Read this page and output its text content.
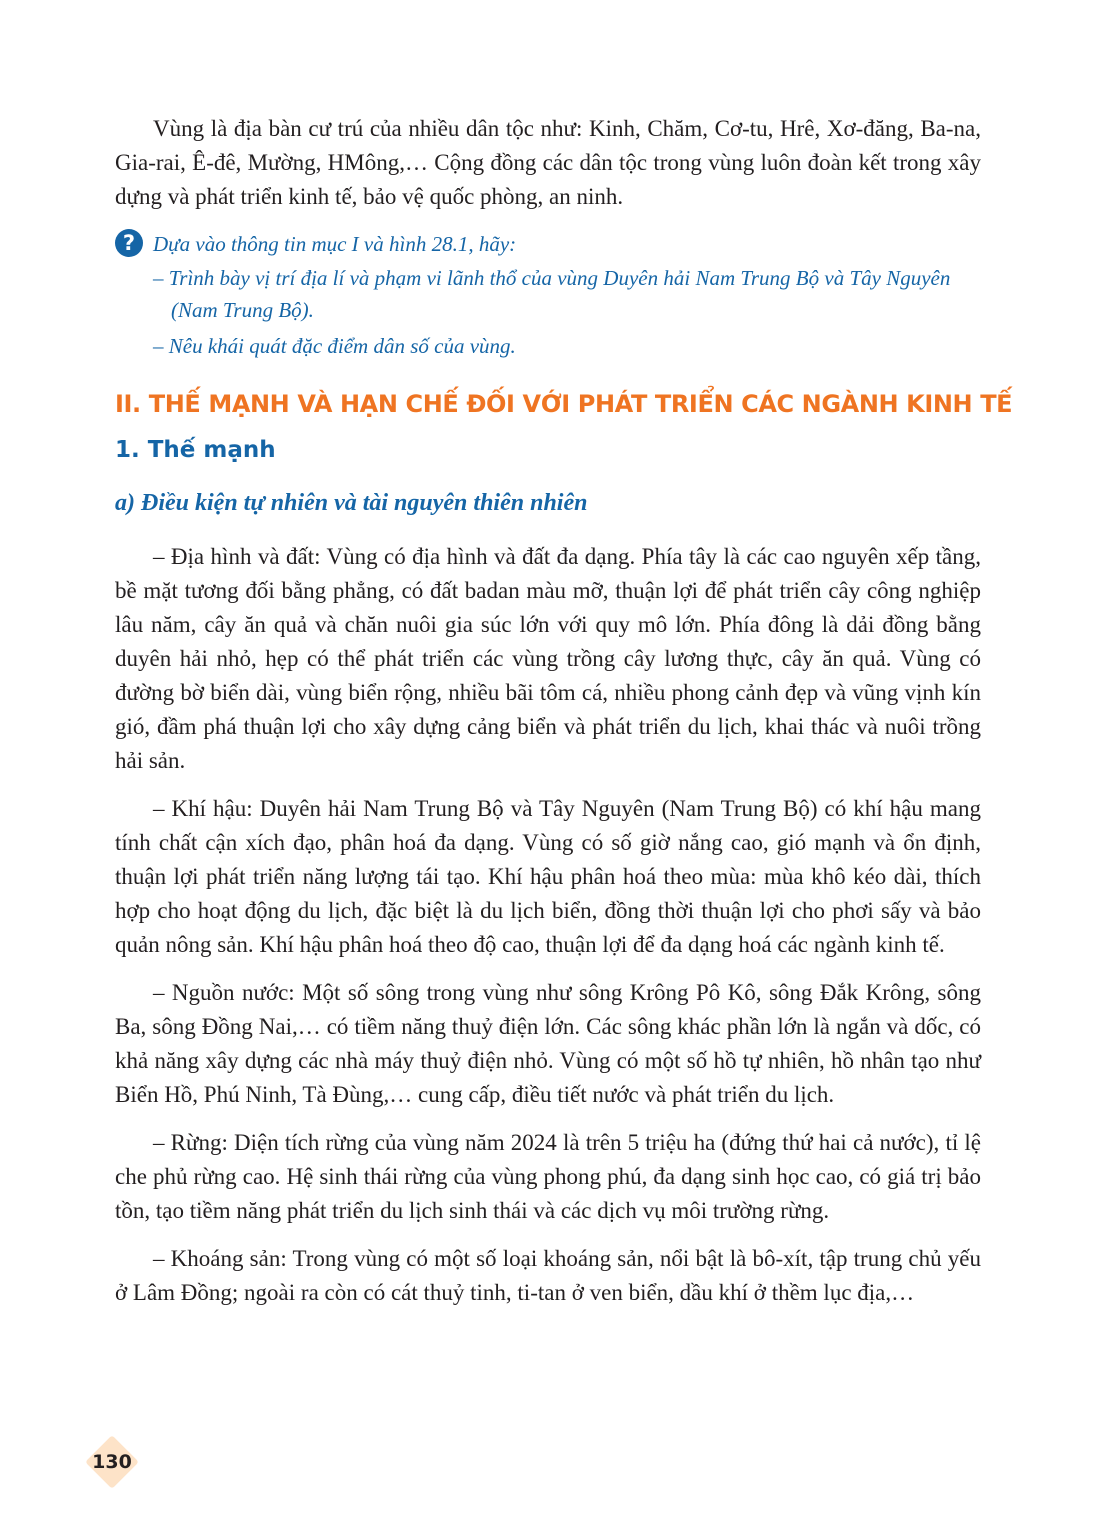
Vùng là địa bàn cư trú của nhiều dân tộc như: Kinh, Chăm, Cơ-tu, Hrê, Xơ-đăng, Ba-na, Gia-rai, Ê-đê, Mường, HMông,… Cộng đồng các dân tộc trong vùng luôn đoàn kết trong xây dựng và phát triển kinh tế, bảo vệ quốc phòng, an ninh.

? Dựa vào thông tin mục I và hình 28.1, hãy:

– Trình bày vị trí địa lí và phạm vi lãnh thổ của vùng Duyên hải Nam Trung Bộ và Tây Nguyên (Nam Trung Bộ).

– Nêu khái quát đặc điểm dân số của vùng.

II. THẾ MẠNH VÀ HẠN CHẾ ĐỐI VỚI PHÁT TRIỂN CÁC NGÀNH KINH TẾ
1. Thế mạnh
a) Điều kiện tự nhiên và tài nguyên thiên nhiên

– Địa hình và đất: Vùng có địa hình và đất đa dạng. Phía tây là các cao nguyên xếp tầng, bề mặt tương đối bằng phẳng, có đất badan màu mỡ, thuận lợi để phát triển cây công nghiệp lâu năm, cây ăn quả và chăn nuôi gia súc lớn với quy mô lớn. Phía đông là dải đồng bằng duyên hải nhỏ, hẹp có thể phát triển các vùng trồng cây lương thực, cây ăn quả. Vùng có đường bờ biển dài, vùng biển rộng, nhiều bãi tôm cá, nhiều phong cảnh đẹp và vũng vịnh kín gió, đầm phá thuận lợi cho xây dựng cảng biển và phát triển du lịch, khai thác và nuôi trồng hải sản.

– Khí hậu: Duyên hải Nam Trung Bộ và Tây Nguyên (Nam Trung Bộ) có khí hậu mang tính chất cận xích đạo, phân hoá đa dạng. Vùng có số giờ nắng cao, gió mạnh và ổn định, thuận lợi phát triển năng lượng tái tạo. Khí hậu phân hoá theo mùa: mùa khô kéo dài, thích hợp cho hoạt động du lịch, đặc biệt là du lịch biển, đồng thời thuận lợi cho phơi sấy và bảo quản nông sản. Khí hậu phân hoá theo độ cao, thuận lợi để đa dạng hoá các ngành kinh tế.

– Nguồn nước: Một số sông trong vùng như sông Krông Pô Kô, sông Đắk Krông, sông Ba, sông Đồng Nai,… có tiềm năng thuỷ điện lớn. Các sông khác phần lớn là ngắn và dốc, có khả năng xây dựng các nhà máy thuỷ điện nhỏ. Vùng có một số hồ tự nhiên, hồ nhân tạo như Biển Hồ, Phú Ninh, Tà Đùng,… cung cấp, điều tiết nước và phát triển du lịch.

– Rừng: Diện tích rừng của vùng năm 2024 là trên 5 triệu ha (đứng thứ hai cả nước), tỉ lệ che phủ rừng cao. Hệ sinh thái rừng của vùng phong phú, đa dạng sinh học cao, có giá trị bảo tồn, tạo tiềm năng phát triển du lịch sinh thái và các dịch vụ môi trường rừng.

– Khoáng sản: Trong vùng có một số loại khoáng sản, nổi bật là bô-xít, tập trung chủ yếu ở Lâm Đồng; ngoài ra còn có cát thuỷ tinh, ti-tan ở ven biển, dầu khí ở thềm lục địa,…

130
